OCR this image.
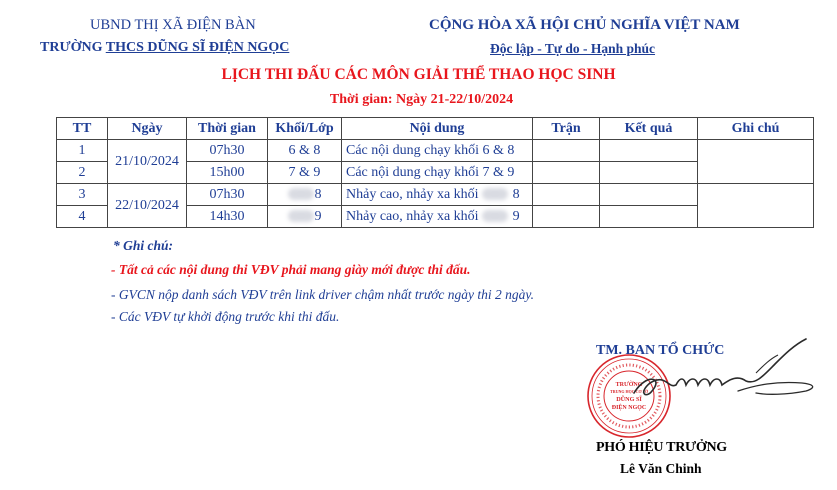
UBND THỊ XÃ ĐIỆN BÀN
TRƯỜNG THCS DŨNG SĨ ĐIỆN NGỌC
CỘNG HÒA XÃ HỘI CHỦ NGHĨA VIỆT NAM
Độc lập - Tự do - Hạnh phúc
LỊCH THI ĐẤU CÁC MÔN GIẢI THỂ THAO HỌC SINH
Thời gian: Ngày 21-22/10/2024
TT	Ngày	Thời gian	Khối/Lớp	Nội dung	Trận	Kết quả	Ghi chú
1	21/10/2024	07h30	6 & 8	Các nội dung chạy khối 6 & 8			
2		15h00	7 & 9	Các nội dung chạy khối 7 & 9			
3	22/10/2024	07h30	8	Nhảy cao, nhảy xa khối 8			
4		14h30	9	Nhảy cao, nhảy xa khối 9			
* Ghi chú:
- Tất cả các nội dung thi VĐV phải mang giày mới được thi đấu.
- GVCN nộp danh sách VĐV trên link driver chậm nhất trước ngày thi 2 ngày.
- Các VĐV tự khởi động trước khi thi đấu.
TM. BAN TỔ CHỨC
TRƯỜNG
TRUNG HỌC CƠ SỞ
DŨNG SĨ
ĐIỆN NGỌC
PHÓ HIỆU TRƯỞNG
Lê Văn Chinh
